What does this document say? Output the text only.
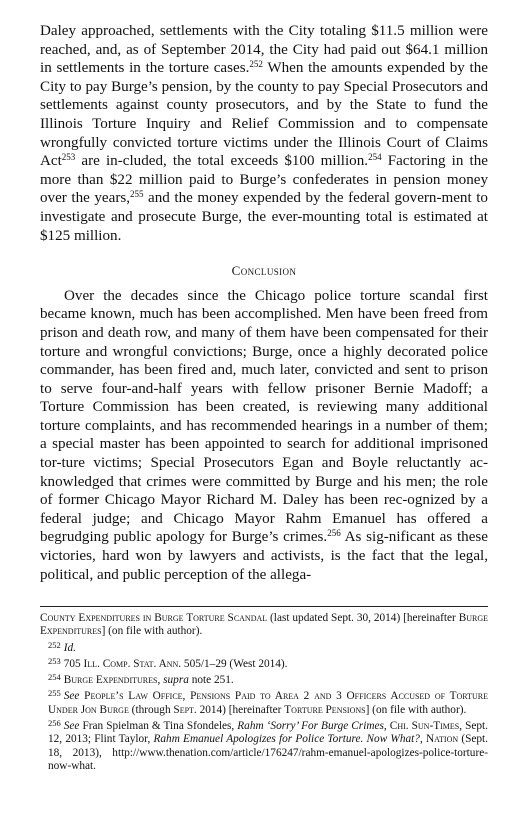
Daley approached, settlements with the City totaling $11.5 million were reached, and, as of September 2014, the City had paid out $64.1 million in settlements in the torture cases.$^{252}$ When the amounts expended by the City to pay Burge’s pension, by the county to pay Special Prosecutors and settlements against county prosecutors, and by the State to fund the Illinois Torture Inquiry and Relief Commission and to compensate wrongfully convicted torture victims under the Illinois Court of Claims Act$^{253}$ are in-cluded, the total exceeds $100 million.$^{254}$ Factoring in the more than $22 million paid to Burge’s confederates in pension money over the years,$^{255}$ and the money expended by the federal govern-ment to investigate and prosecute Burge, the ever-mounting total is estimated at $125 million.

Conclusion

Over the decades since the Chicago police torture scandal first became known, much has been accomplished. Men have been freed from prison and death row, and many of them have been compensated for their torture and wrongful convictions; Burge, once a highly decorated police commander, has been fired and, much later, convicted and sent to prison to serve four-and-half years with fellow prisoner Bernie Madoff; a Torture Commission has been created, is reviewing many additional torture complaints, and has recommended hearings in a number of them; a special master has been appointed to search for additional imprisoned tor-ture victims; Special Prosecutors Egan and Boyle reluctantly ac-knowledged that crimes were committed by Burge and his men; the role of former Chicago Mayor Richard M. Daley has been rec-ognized by a federal judge; and Chicago Mayor Rahm Emanuel has offered a begrudging public apology for Burge’s crimes.$^{256}$ As sig-nificant as these victories, hard won by lawyers and activists, is the fact that the legal, political, and public perception of the allega-

County Expenditures in Burge Torture Scandal (last updated Sept. 30, 2014) [hereinafter Burge Expenditures] (on file with author).

$^{252}$ Id.

$^{253}$ 705 Ill. Comp. Stat. Ann. 505/1–29 (West 2014).

$^{254}$ Burge Expenditures, supra note 251.

$^{255}$ See People’s Law Office, Pensions Paid to Area 2 and 3 Officers Accused of Torture Under Jon Burge (through Sept. 2014) [hereinafter Torture Pensions] (on file with author).

$^{256}$ See Fran Spielman & Tina Sfondeles, Rahm ‘Sorry’ For Burge Crimes, Chi. Sun-Times, Sept. 12, 2013; Flint Taylor, Rahm Emanuel Apologizes for Police Torture. Now What?, Nation (Sept. 18, 2013), http://www.thenation.com/article/176247/rahm-emanuel-apologizes-police-torture-now-what.
